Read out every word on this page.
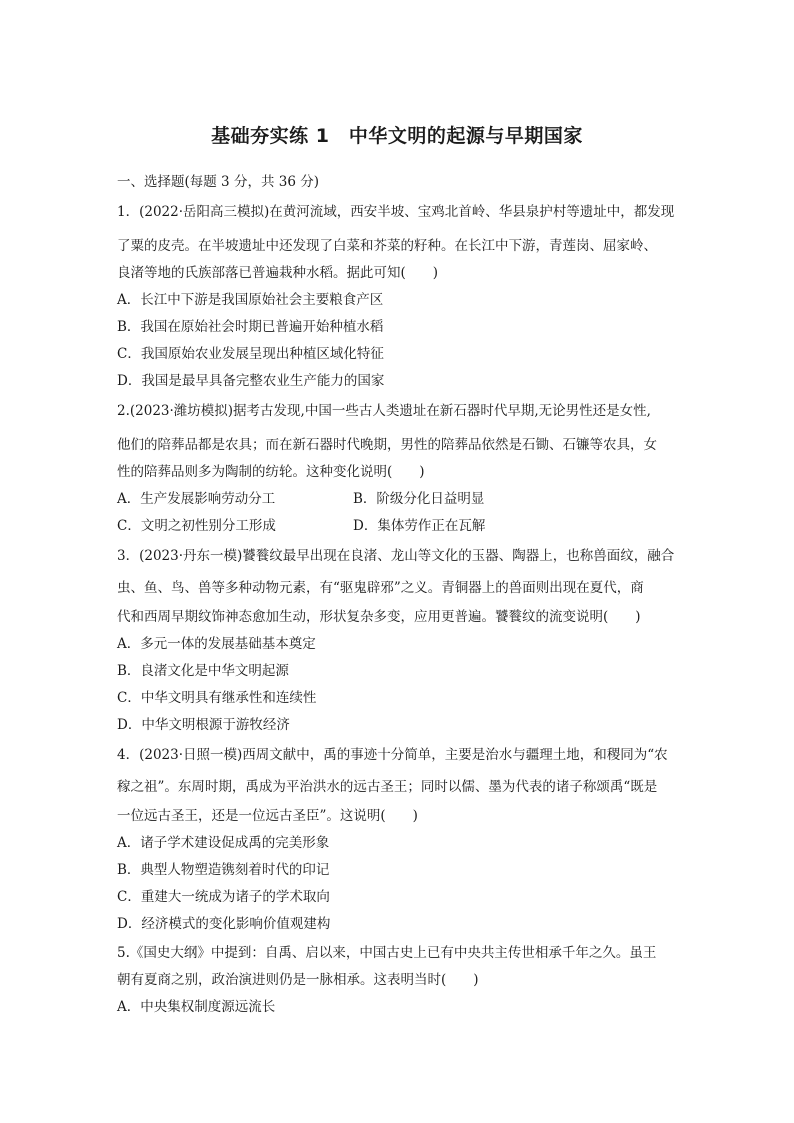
基础夯实练 1　中华文明的起源与早期国家
一、选择题(每题 3 分，共 36 分)
1．(2022·岳阳高三模拟)在黄河流域，西安半坡、宝鸡北首岭、华县泉护村等遗址中，都发现
了粟的皮壳。在半坡遗址中还发现了白菜和芥菜的籽种。在长江中下游，青莲岗、屈家岭、
良渚等地的氏族部落已普遍栽种水稻。据此可知(　　)
A．长江中下游是我国原始社会主要粮食产区
B．我国在原始社会时期已普遍开始种植水稻
C．我国原始农业发展呈现出种植区域化特征
D．我国是最早具备完整农业生产能力的国家
2.(2023·潍坊模拟)据考古发现,中国一些古人类遗址在新石器时代早期,无论男性还是女性,
他们的陪葬品都是农具；而在新石器时代晚期，男性的陪葬品依然是石锄、石镰等农具，女
性的陪葬品则多为陶制的纺轮。这种变化说明(　　)
A．生产发展影响劳动分工	B．阶级分化日益明显
C．文明之初性别分工形成	D．集体劳作正在瓦解
3．(2023·丹东一模)饕餮纹最早出现在良渚、龙山等文化的玉器、陶器上，也称兽面纹，融合
虫、鱼、鸟、兽等多种动物元素，有“驱鬼辟邪”之义。青铜器上的兽面则出现在夏代，商
代和西周早期纹饰神态愈加生动，形状复杂多变，应用更普遍。饕餮纹的流变说明(　　)
A．多元一体的发展基础基本奠定
B．良渚文化是中华文明起源
C．中华文明具有继承性和连续性
D．中华文明根源于游牧经济
4．(2023·日照一模)西周文献中，禹的事迹十分简单，主要是治水与疆理土地，和稷同为“农
稼之祖”。东周时期，禹成为平治洪水的远古圣王；同时以儒、墨为代表的诸子称颂禹“既是
一位远古圣王，还是一位远古圣臣”。这说明(　　)
A．诸子学术建设促成禹的完美形象
B．典型人物塑造镌刻着时代的印记
C．重建大一统成为诸子的学术取向
D．经济模式的变化影响价值观建构
5.《国史大纲》中提到：自禹、启以来，中国古史上已有中央共主传世相承千年之久。虽王
朝有夏商之别，政治演进则仍是一脉相承。这表明当时(　　)
A．中央集权制度源远流长
